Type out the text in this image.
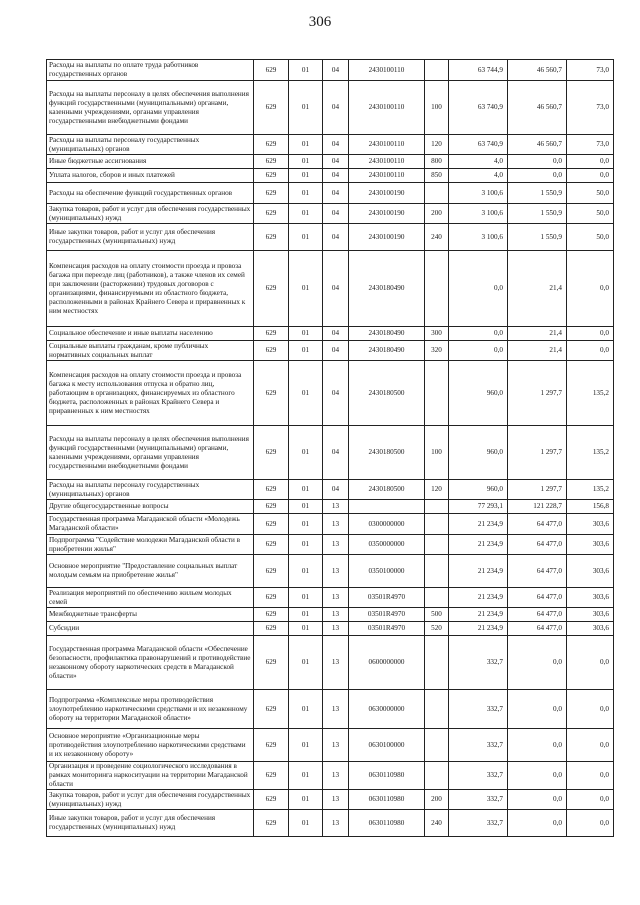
306
Расходы на выплаты по оплате труда работников государственных органов	629	01	04	2430100110		63 744,9	46 560,7	73,0
Расходы на выплаты персоналу в целях обеспечения выполнения функций государственными (муниципальными) органами, казенными учреждениями, органами управления государственными внебюджетными фондами	629	01	04	2430100110	100	63 740,9	46 560,7	73,0
Расходы на выплаты персоналу государственных (муниципальных) органов	629	01	04	2430100110	120	63 740,9	46 560,7	73,0
Иные бюджетные ассигнования	629	01	04	2430100110	800	4,0	0,0	0,0
Уплата налогов, сборов и иных платежей	629	01	04	2430100110	850	4,0	0,0	0,0
Расходы на обеспечение функций государственных органов	629	01	04	2430100190		3 100,6	1 550,9	50,0
Закупка товаров, работ и услуг для обеспечения государственных (муниципальных) нужд	629	01	04	2430100190	200	3 100,6	1 550,9	50,0
Иные закупки товаров, работ и услуг для обеспечения государственных (муниципальных) нужд	629	01	04	2430100190	240	3 100,6	1 550,9	50,0
Компенсация расходов на оплату стоимости проезда и провоза багажа при переезде лиц (работников), а также членов их семей при заключении (расторжении) трудовых договоров с организациями, финансируемыми из областного бюджета, расположенными в районах Крайнего Севера и приравненных к ним местностях	629	01	04	2430180490		0,0	21,4	0,0
Социальное обеспечение и иные выплаты населению	629	01	04	2430180490	300	0,0	21,4	0,0
Социальные выплаты гражданам, кроме публичных нормативных социальных выплат	629	01	04	2430180490	320	0,0	21,4	0,0
Компенсация расходов на оплату стоимости проезда и провоза багажа к месту использования отпуска и обратно лиц, работающим в организациях, финансируемых из областного бюджета, расположенных в районах Крайнего Севера и приравненных к ним местностях	629	01	04	2430180500		960,0	1 297,7	135,2
Расходы на выплаты персоналу в целях обеспечения выполнения функций государственными (муниципальными) органами, казенными учреждениями, органами управления государственными внебюджетными фондами	629	01	04	2430180500	100	960,0	1 297,7	135,2
Расходы на выплаты персоналу государственных (муниципальных) органов	629	01	04	2430180500	120	960,0	1 297,7	135,2
Другие общегосударственные вопросы	629	01	13			77 293,1	121 228,7	156,8
Государственная программа Магаданской области «Молодежь Магаданской области»	629	01	13	0300000000		21 234,9	64 477,0	303,6
Подпрограмма "Содействие молодежи Магаданской области в приобретении жилья"	629	01	13	0350000000		21 234,9	64 477,0	303,6
Основное мероприятие "Предоставление социальных выплат молодым семьям на приобретение жилья"	629	01	13	0350100000		21 234,9	64 477,0	303,6
Реализация мероприятий по обеспечению жильем молодых семей	629	01	13	03501R4970		21 234,9	64 477,0	303,6
Межбюджетные трансферты	629	01	13	03501R4970	500	21 234,9	64 477,0	303,6
Субсидии	629	01	13	03501R4970	520	21 234,9	64 477,0	303,6
Государственная программа Магаданской области «Обеспечение безопасности, профилактика правонарушений и противодействие незаконному обороту наркотических средств в Магаданской области»	629	01	13	0600000000		332,7	0,0	0,0
Подпрограмма «Комплексные меры противодействия злоупотреблению наркотическими средствами и их незаконному обороту на территории Магаданской области»	629	01	13	0630000000		332,7	0,0	0,0
Основное мероприятие «Организационные меры противодействия злоупотреблению наркотическими средствами и их незаконному обороту»	629	01	13	0630100000		332,7	0,0	0,0
Организация и проведение социологического исследования в рамках мониторинга наркоситуации на территории Магаданской области	629	01	13	0630110980		332,7	0,0	0,0
Закупка товаров, работ и услуг для обеспечения государственных (муниципальных) нужд	629	01	13	0630110980	200	332,7	0,0	0,0
Иные закупки товаров, работ и услуг для обеспечения государственных (муниципальных) нужд	629	01	13	0630110980	240	332,7	0,0	0,0
